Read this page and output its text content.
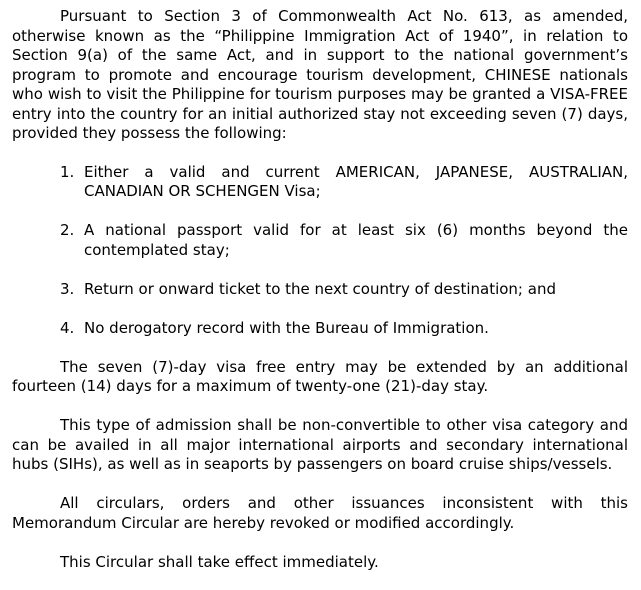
Pursuant to Section 3 of Commonwealth Act No. 613, as amended, otherwise known as the “Philippine Immigration Act of 1940”, in relation to Section 9(a) of the same Act, and in support to the national government’s program to promote and encourage tourism development, CHINESE nationals who wish to visit the Philippine for tourism purposes may be granted a VISA-FREE entry into the country for an initial authorized stay not exceeding seven (7) days, provided they possess the following:

1. Either a valid and current AMERICAN, JAPANESE, AUSTRALIAN, CANADIAN OR SCHENGEN Visa;
2. A national passport valid for at least six (6) months beyond the contemplated stay;
3. Return or onward ticket to the next country of destination; and
4. No derogatory record with the Bureau of Immigration.

The seven (7)-day visa free entry may be extended by an additional fourteen (14) days for a maximum of twenty-one (21)-day stay.

This type of admission shall be non-convertible to other visa category and can be availed in all major international airports and secondary international hubs (SIHs), as well as in seaports by passengers on board cruise ships/vessels.

All circulars, orders and other issuances inconsistent with this Memorandum Circular are hereby revoked or modified accordingly.

This Circular shall take effect immediately.
